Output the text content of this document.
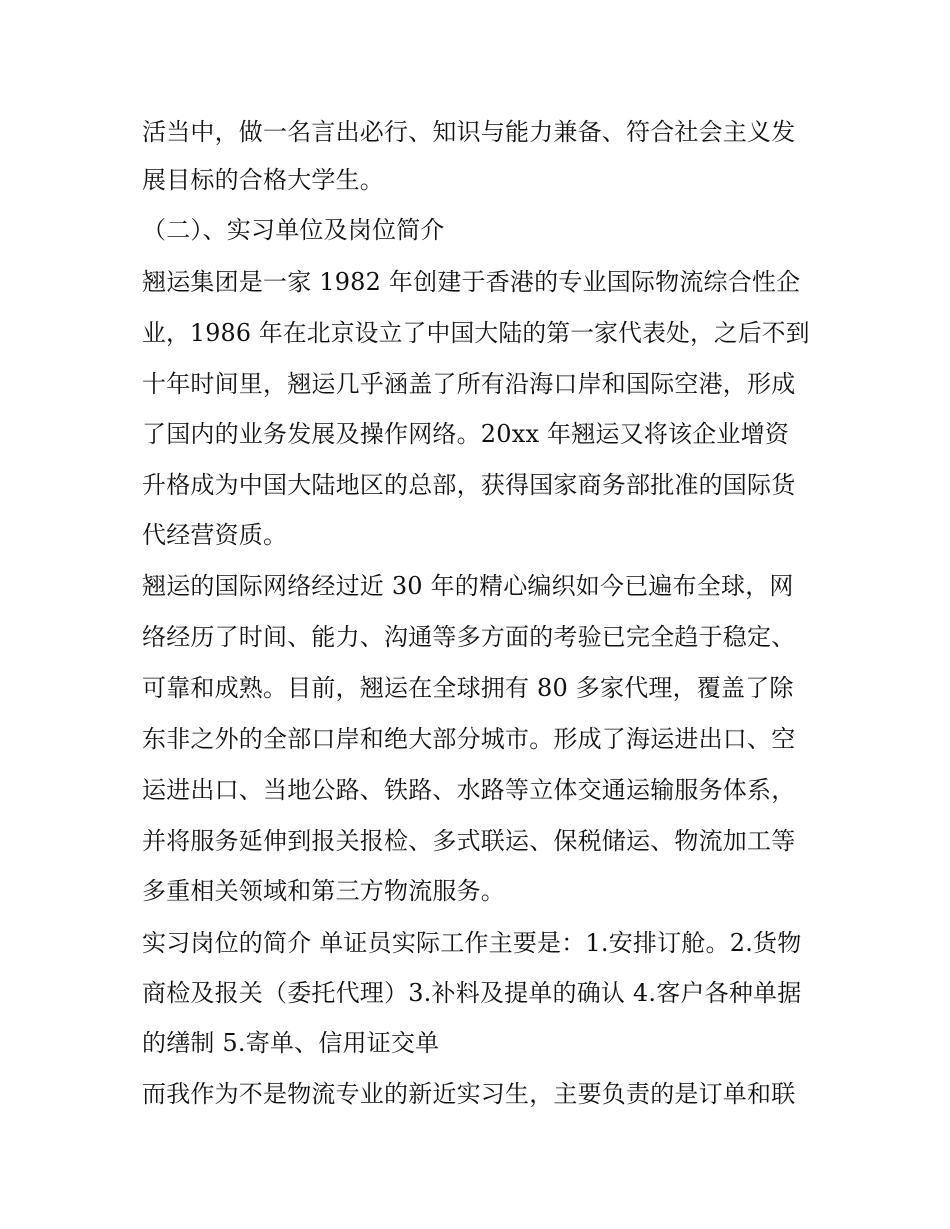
活当中，做一名言出必行、知识与能力兼备、符合社会主义发
展目标的合格大学生。
（二）、实习单位及岗位简介
翘运集团是一家 1982 年创建于香港的专业国际物流综合性企
业，1986 年在北京设立了中国大陆的第一家代表处，之后不到
十年时间里，翘运几乎涵盖了所有沿海口岸和国际空港，形成
了国内的业务发展及操作网络。20xx 年翘运又将该企业增资
升格成为中国大陆地区的总部，获得国家商务部批准的国际货
代经营资质。
翘运的国际网络经过近 30 年的精心编织如今已遍布全球，网
络经历了时间、能力、沟通等多方面的考验已完全趋于稳定、
可靠和成熟。目前，翘运在全球拥有 80 多家代理，覆盖了除
东非之外的全部口岸和绝大部分城市。形成了海运进出口、空
运进出口、当地公路、铁路、水路等立体交通运输服务体系，
并将服务延伸到报关报检、多式联运、保税储运、物流加工等
多重相关领域和第三方物流服务。
实习岗位的简介 单证员实际工作主要是：1.安排订舱。2.货物
商检及报关（委托代理）3.补料及提单的确认 4.客户各种单据
的缮制 5.寄单、信用证交单
而我作为不是物流专业的新近实习生，主要负责的是订单和联
